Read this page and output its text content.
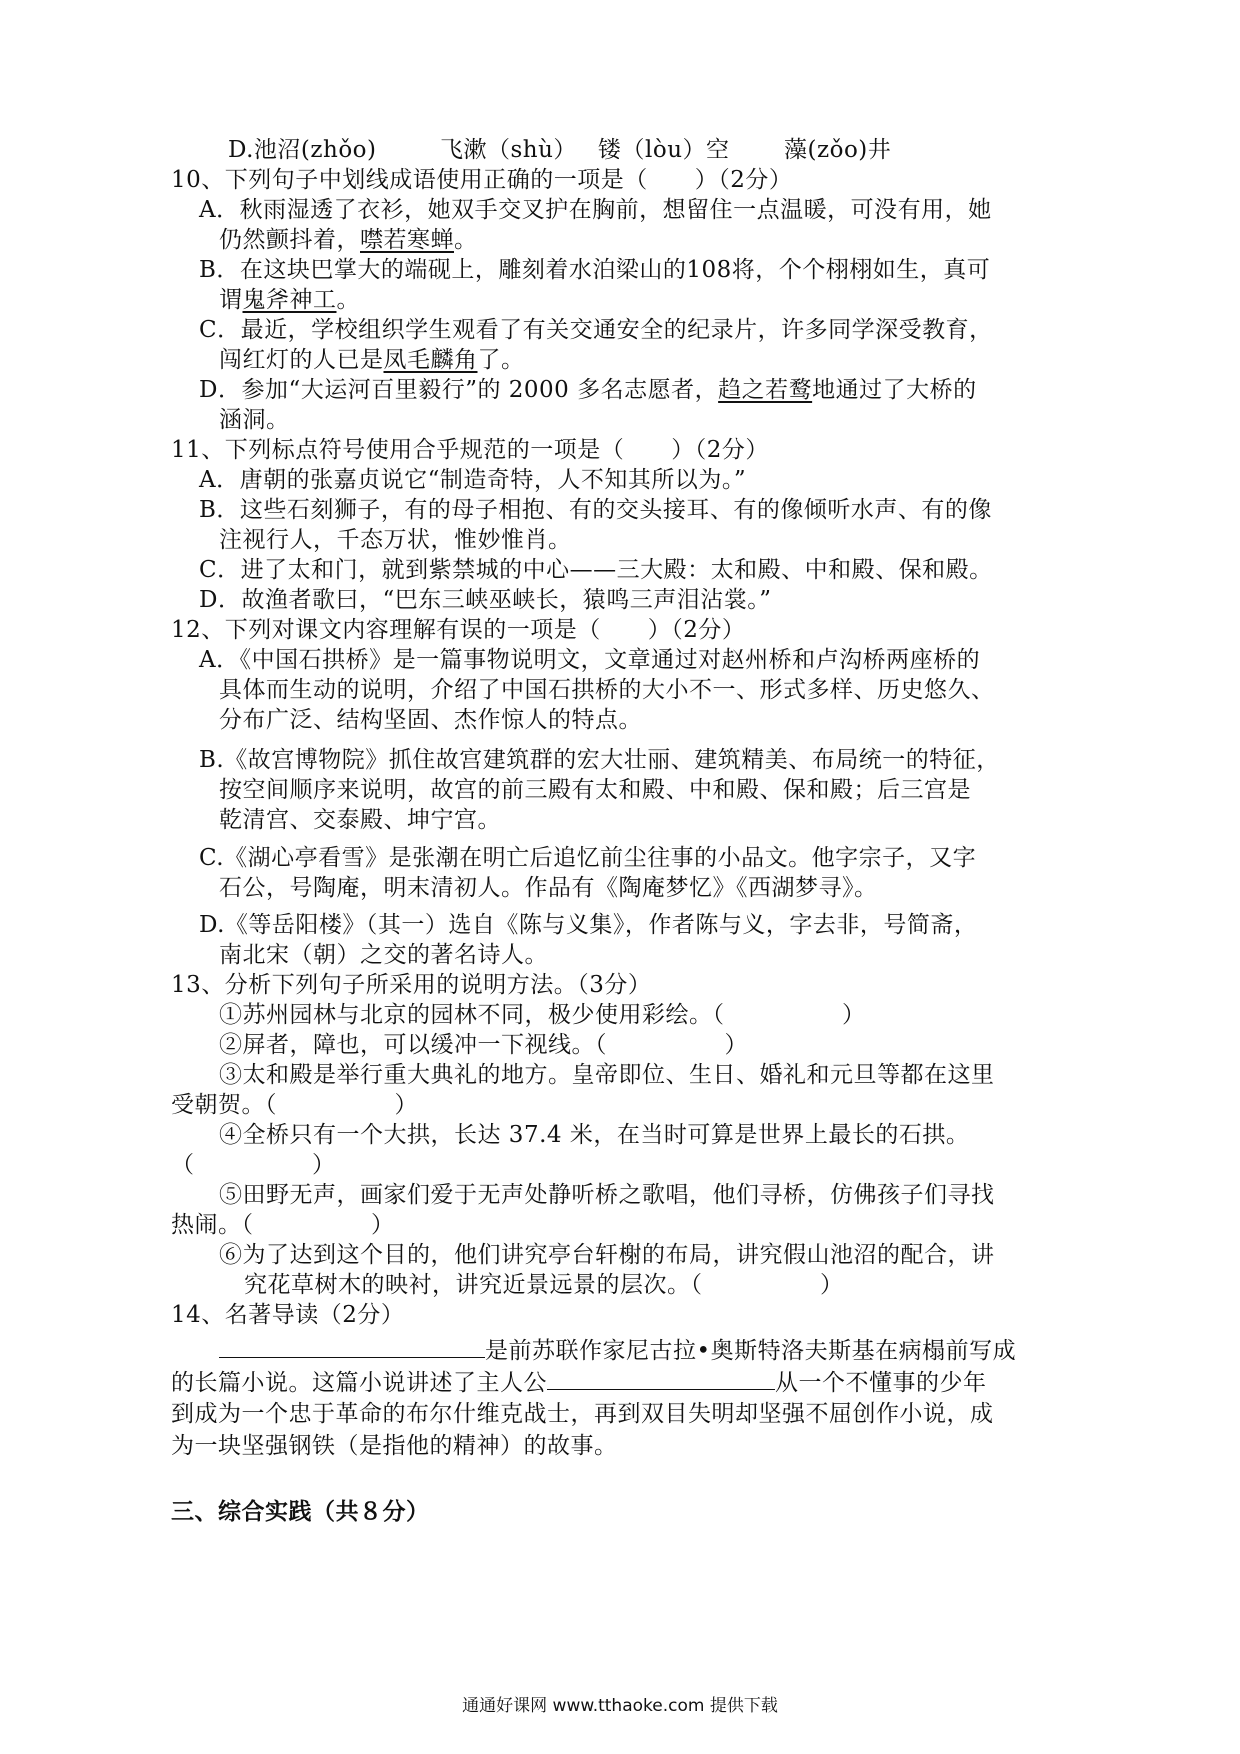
D.池沼(zhǒo)	飞漱（shù） 镂（lòu）空 藻(zǒo)井
10、下列句子中划线成语使用正确的一项是（　　）（2分）
A．秋雨湿透了衣衫，她双手交叉护在胸前，想留住一点温暖，可没有用，她
仍然颤抖着，噤若寒蝉。
B．在这块巴掌大的端砚上，雕刻着水泊梁山的108将，个个栩栩如生，真可
谓鬼斧神工。
C．最近，学校组织学生观看了有关交通安全的纪录片，许多同学深受教育，
闯红灯的人已是凤毛麟角了。
D．参加“大运河百里毅行”的 2000 多名志愿者，趋之若鹜地通过了大桥的
涵洞。
11、下列标点符号使用合乎规范的一项是（　　）（2分）
A．唐朝的张嘉贞说它“制造奇特，人不知其所以为。”
B．这些石刻狮子，有的母子相抱、有的交头接耳、有的像倾听水声、有的像
注视行人，千态万状，惟妙惟肖。
C．进了太和门，就到紫禁城的中心——三大殿：太和殿、中和殿、保和殿。
D．故渔者歌曰，“巴东三峡巫峡长，猿鸣三声泪沾裳。”
12、下列对课文内容理解有误的一项是（　　）（2分）
A．《中国石拱桥》是一篇事物说明文，文章通过对赵州桥和卢沟桥两座桥的
具体而生动的说明，介绍了中国石拱桥的大小不一、形式多样、历史悠久、
分布广泛、结构坚固、杰作惊人的特点。
B.《故宫博物院》抓住故宫建筑群的宏大壮丽、建筑精美、布局统一的特征，
按空间顺序来说明，故宫的前三殿有太和殿、中和殿、保和殿；后三宫是
乾清宫、交泰殿、坤宁宫。
C.《湖心亭看雪》是张潮在明亡后追忆前尘往事的小品文。他字宗子，又字
石公，号陶庵，明末清初人。作品有《陶庵梦忆》《西湖梦寻》。
D.《等岳阳楼》（其一）选自《陈与义集》，作者陈与义，字去非，号简斋，
南北宋（朝）之交的著名诗人。
13、分析下列句子所采用的说明方法。（3分）
①苏州园林与北京的园林不同，极少使用彩绘。（　　　　　）
②屏者，障也，可以缓冲一下视线。（　　　　　）
③太和殿是举行重大典礼的地方。皇帝即位、生日、婚礼和元旦等都在这里
受朝贺。（　　　　　）
④全桥只有一个大拱，长达 37.4 米，在当时可算是世界上最长的石拱。
（　　　　　）
⑤田野无声，画家们爱于无声处静听桥之歌唱，他们寻桥，仿佛孩子们寻找
热闹。（　　　　　）
⑥为了达到这个目的，他们讲究亭台轩榭的布局，讲究假山池沼的配合，讲
究花草树木的映衬，讲究近景远景的层次。（　　　　　）
14、名著导读（2分）
是前苏联作家尼古拉•奥斯特洛夫斯基在病榻前写成
的长篇小说。这篇小说讲述了主人公	从一个不懂事的少年
到成为一个忠于革命的布尔什维克战士，再到双目失明却坚强不屈创作小说，成
为一块坚强钢铁（是指他的精神）的故事。
三、综合实践（共８分）
通通好课网 www.tthaoke.com 提供下载
